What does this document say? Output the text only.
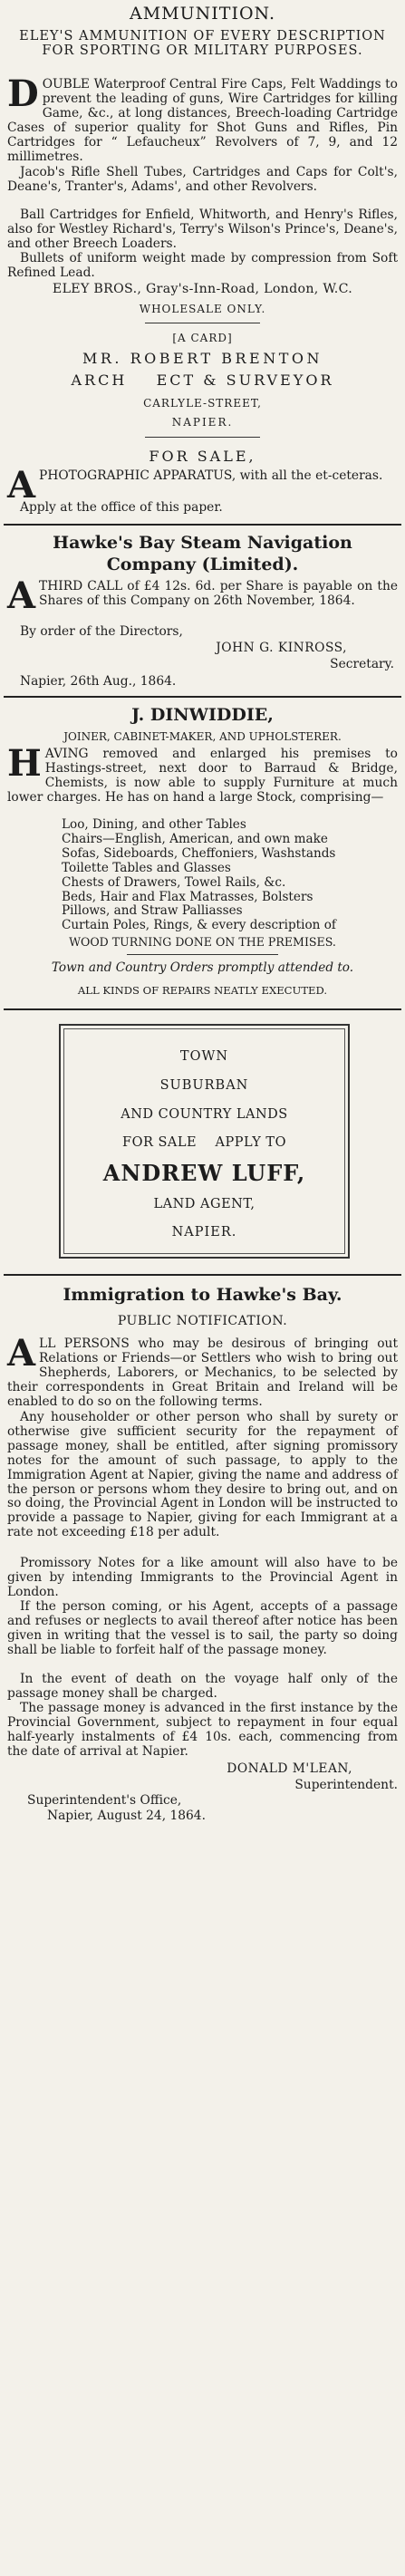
AMMUNITION.
ELEY'S AMMUNITION OF EVERY DESCRIPTION FOR SPORTING OR MILITARY PURPOSES.
DOUBLE Waterproof Central Fire Caps, Felt Waddings to prevent the leading of guns, Wire Cartridges for killing Game, &c., at long distances, Breech-loading Cartridge Cases of superior quality for Shot Guns and Rifles, Pin Cartridges for “ Lefaucheux” Revolvers of 7, 9, and 12 millimetres.
Jacob's Rifle Shell Tubes, Cartridges and Caps for Colt's, Deane's, Tranter's, Adams', and other Revolvers.
Ball Cartridges for Enfield, Whitworth, and Henry's Rifles, also for Westley Richard's, Terry's Wilson's Prince's, Deane's, and other Breech Loaders.
Bullets of uniform weight made by compression from Soft Refined Lead.
ELEY BROS., Gray's-Inn-Road, London, W.C.
WHOLESALE ONLY.
[A CARD]
MR. ROBERT BRENTON
ARCH    ECT & SURVEYOR
CARLYLE-STREET,
NAPIER.
FOR SALE,
APHOTOGRAPHIC APPARATUS, with all the et-ceteras.
Apply at the office of this paper.
Hawke's Bay Steam Navigation
Company (Limited).
ATHIRD CALL of £4 12s. 6d. per Share is payable on the Shares of this Company on 26th November, 1864.
By order of the Directors,
JOHN G. KINROSS,
Secretary.
Napier, 26th Aug., 1864.
J. DINWIDDIE,
JOINER, CABINET-MAKER, AND UPHOLSTERER.
HAVING removed and enlarged his premises to Hastings-street, next door to Barraud & Bridge, Chemists, is now able to supply Furniture at much lower charges. He has on hand a large Stock, comprising—
Loo, Dining, and other Tables
Chairs—English, American, and own make
Sofas, Sideboards, Cheffoniers, Washstands
Toilette Tables and Glasses
Chests of Drawers, Towel Rails, &c.
Beds, Hair and Flax Matrasses, Bolsters
Pillows, and Straw Palliasses
Curtain Poles, Rings, & every description of
WOOD TURNING DONE ON THE PREMISES.
Town and Country Orders promptly attended to.
ALL KINDS OF REPAIRS NEATLY EXECUTED.
TOWN
SUBURBAN
AND COUNTRY LANDS
FOR SALE    APPLY TO
ANDREW LUFF,
LAND AGENT,
NAPIER.
Immigration to Hawke's Bay.
PUBLIC NOTIFICATION.
ALL PERSONS who may be desirous of bringing out Relations or Friends—or Settlers who wish to bring out Shepherds, Laborers, or Mechanics, to be selected by their correspondents in Great Britain and Ireland will be enabled to do so on the following terms.
Any householder or other person who shall by surety or otherwise give sufficient security for the repayment of passage money, shall be entitled, after signing promissory notes for the amount of such passage, to apply to the Immigration Agent at Napier, giving the name and address of the person or persons whom they desire to bring out, and on so doing, the Provincial Agent in London will be instructed to provide a passage to Napier, giving for each Immigrant at a rate not exceeding £18 per adult.
Promissory Notes for a like amount will also have to be given by intending Immigrants to the Provincial Agent in London.
If the person coming, or his Agent, accepts of a passage and refuses or neglects to avail thereof after notice has been given in writing that the vessel is to sail, the party so doing shall be liable to forfeit half of the passage money.
In the event of death on the voyage half only of the passage money shall be charged.
The passage money is advanced in the first instance by the Provincial Government, subject to repayment in four equal half-yearly instalments of £4 10s. each, commencing from the date of arrival at Napier.
DONALD M'LEAN,
Superintendent.
Superintendent's Office,
Napier, August 24, 1864.
